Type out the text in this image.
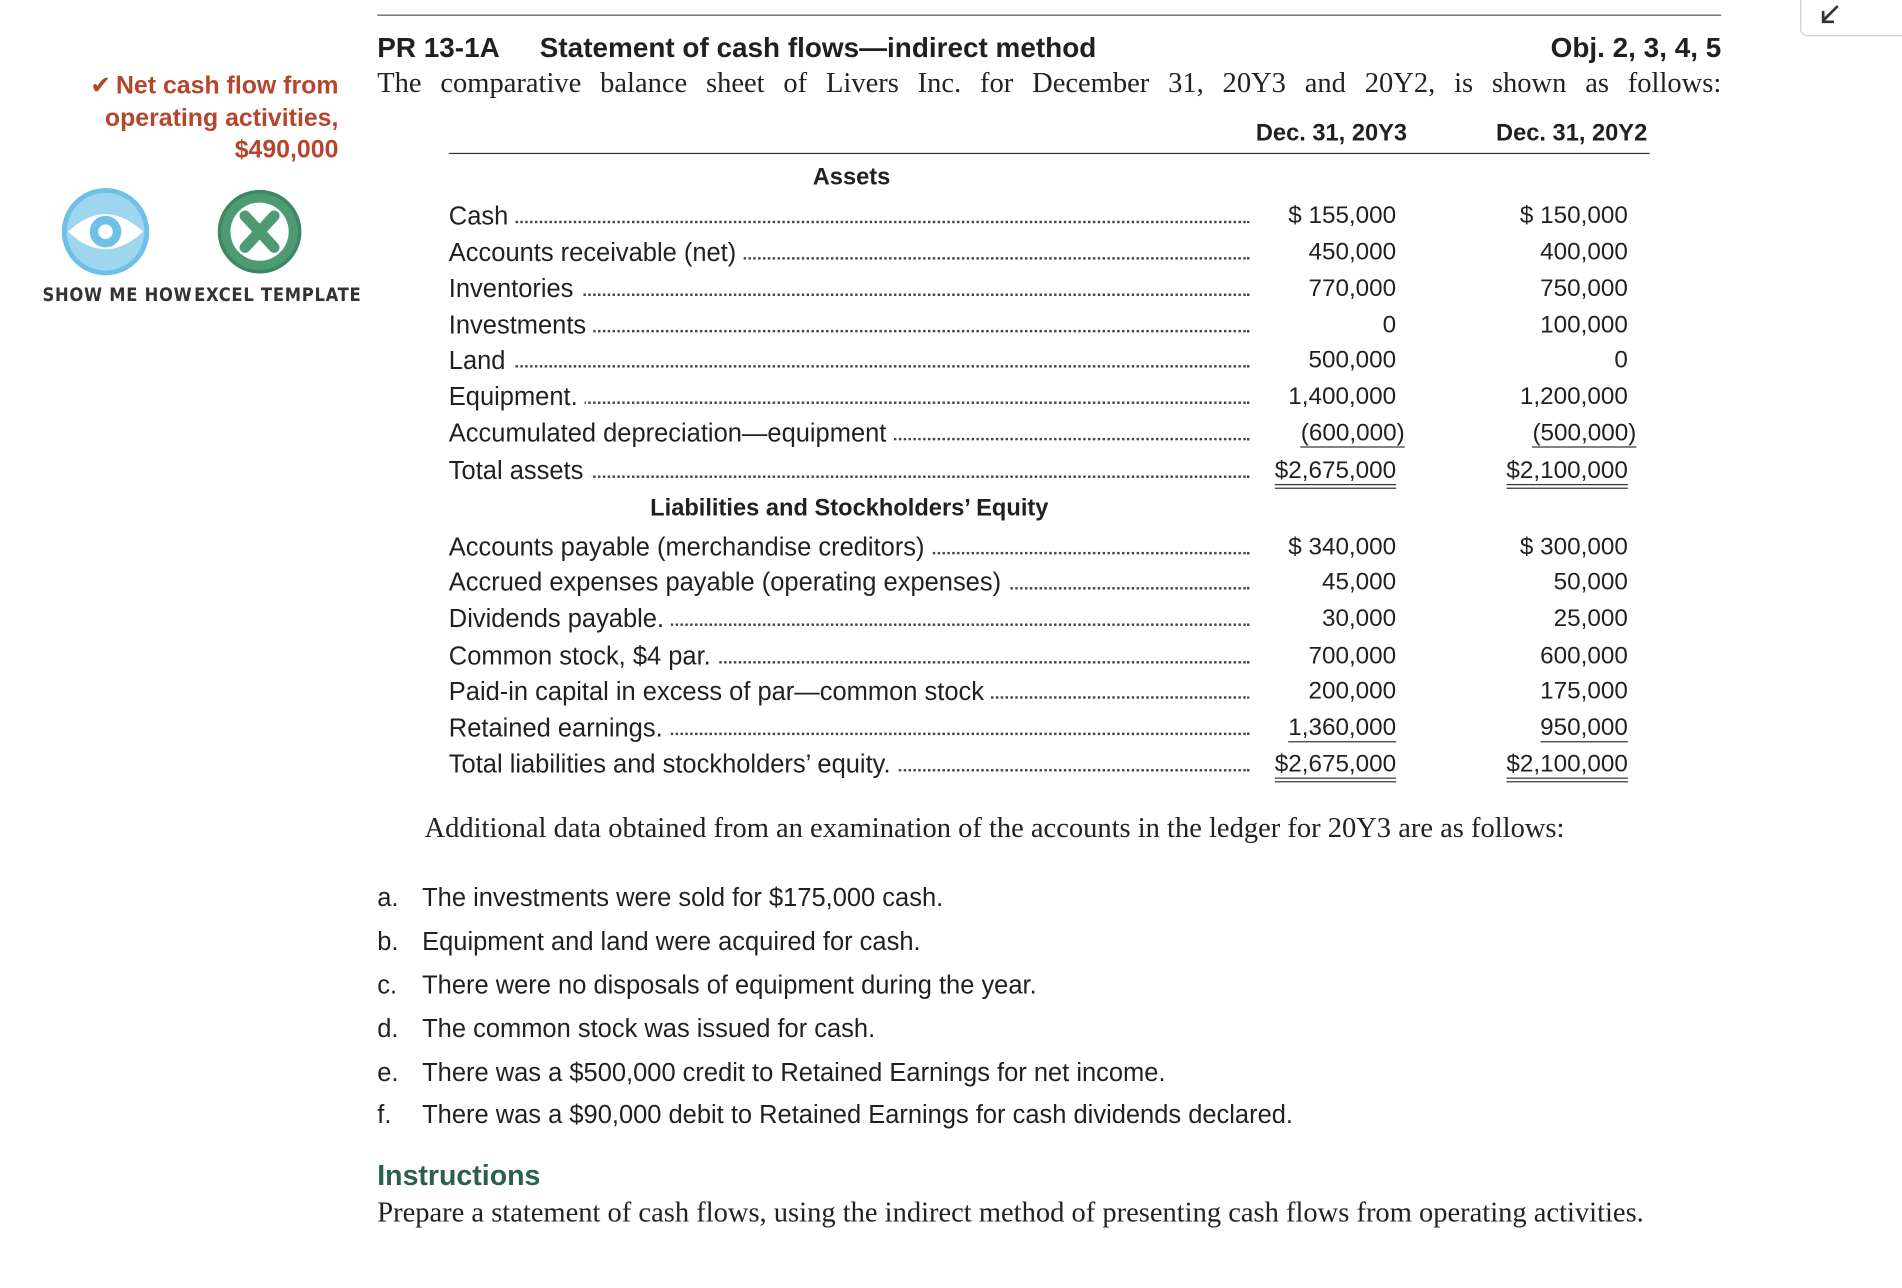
✔ Net cash flow from
operating activities,
$490,000
SHOW ME HOW EXCEL TEMPLATE
PR 13-1A Statement of cash flows—indirect method	Obj. 2, 3, 4, 5
The comparative balance sheet of Livers Inc. for December 31, 20Y3 and 20Y2, is shown as follows:
Dec. 31, 20Y3	Dec. 31, 20Y2
Assets
Liabilities and Stockholders’ Equity
Cash	$ 155,000	$ 150,000
Accounts receivable (net)	450,000	400,000
Inventories	770,000	750,000
Investments	0	100,000
Land	500,000	0
Equipment.	1,400,000	1,200,000
Accumulated depreciation—equipment	(600,000)	(500,000)
Total assets	$2,675,000	$2,100,000
Accounts payable (merchandise creditors)	$ 340,000	$ 300,000
Accrued expenses payable (operating expenses)	45,000	50,000
Dividends payable.	30,000	25,000
Common stock, $4 par.	700,000	600,000
Paid-in capital in excess of par—common stock	200,000	175,000
Retained earnings.	1,360,000	950,000
Total liabilities and stockholders’ equity.	$2,675,000	$2,100,000
Additional data obtained from an examination of the accounts in the ledger for 20Y3 are as follows:
a. The investments were sold for $175,000 cash.
b. Equipment and land were acquired for cash.
c. There were no disposals of equipment during the year.
d. The common stock was issued for cash.
e. There was a $500,000 credit to Retained Earnings for net income.
f. There was a $90,000 debit to Retained Earnings for cash dividends declared.
Instructions
Prepare a statement of cash flows, using the indirect method of presenting cash flows from operating activities.
